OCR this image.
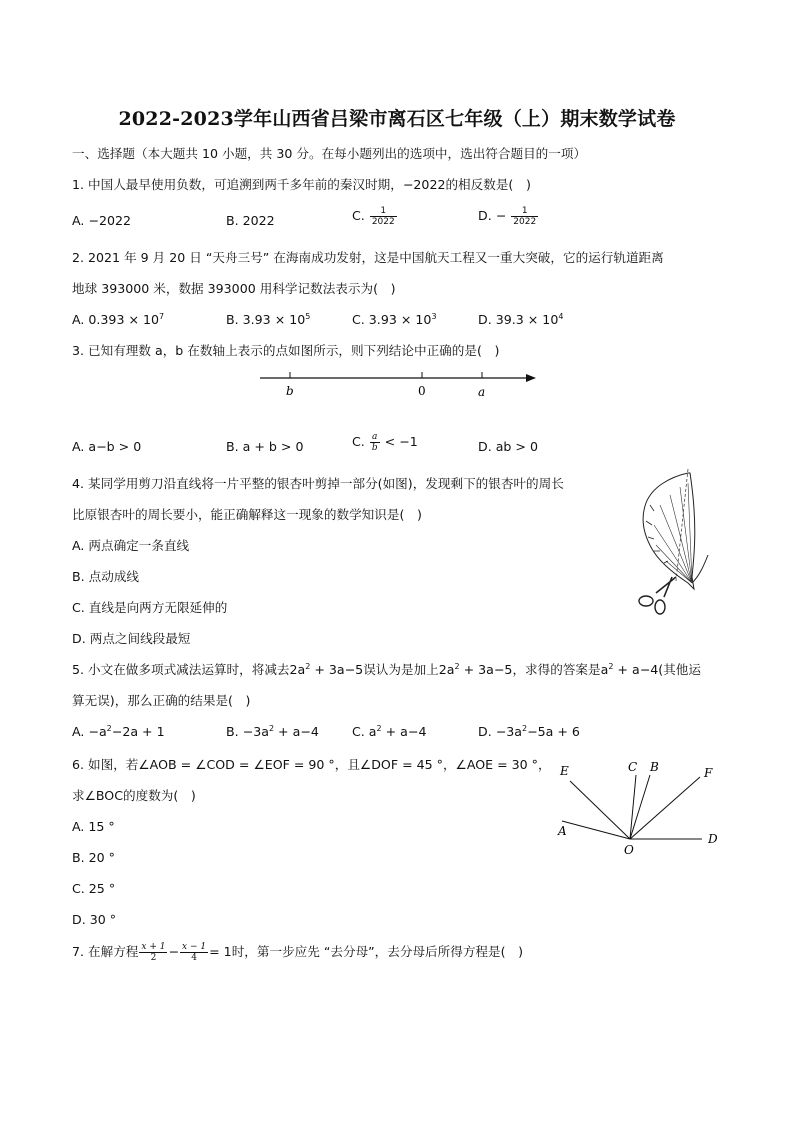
2022-2023学年山西省吕梁市离石区七年级（上）期末数学试卷
一、选择题（本大题共 10 小题，共 30 分。在每小题列出的选项中，选出符合题目的一项）
1. 中国人最早使用负数，可追溯到两千多年前的秦汉时期，−2022的相反数是(　)
A. −2022	B. 2022	C. $\frac{1}{2022}$	D. − $\frac{1}{2022}$
2. 2021 年 9 月 20 日 “天舟三号” 在海南成功发射，这是中国航天工程又一重大突破，它的运行轨道距离
地球 393000 米，数据 393000 用科学记数法表示为(　)
A. $0.393 \times 10^7$	B. $3.93 \times 10^5$	C. $3.93 \times 10^3$	D. $39.3 \times 10^4$
3. 已知有理数 a，b 在数轴上表示的点如图所示，则下列结论中正确的是(　)
b	0	a
A. a−b > 0	B. a + b > 0	C. $\frac{a}{b} < -1$	D. ab > 0
4. 某同学用剪刀沿直线将一片平整的银杏叶剪掉一部分(如图)，发现剩下的银杏叶的周长
比原银杏叶的周长要小，能正确解释这一现象的数学知识是(　)
A. 两点确定一条直线
B. 点动成线
C. 直线是向两方无限延伸的
D. 两点之间线段最短
5. 小文在做多项式减法运算时，将减去$2a^2 + 3a-5$误认为是加上$2a^2 + 3a-5$，求得的答案是$a^2 + a-4$(其他运
算无误)，那么正确的结果是(　)
A. $-a^2-2a + 1$	B. $-3a^2 + a-4$	C. $a^2 + a-4$	D. $-3a^2-5a + 6$
6. 如图，若∠AOB = ∠COD = ∠EOF = 90 °，且∠DOF = 45 °，∠AOE = 30 °，
求∠BOC的度数为(　)
A. 15 °
B. 20 °
C. 25 °
D. 30 °
E	C B	F
A
O
D
7. 在解方程 $\frac{x + 1}{2} - \frac{x - 1}{4} = 1$时，第一步应先 “去分母”，去分母后所得方程是(　)
